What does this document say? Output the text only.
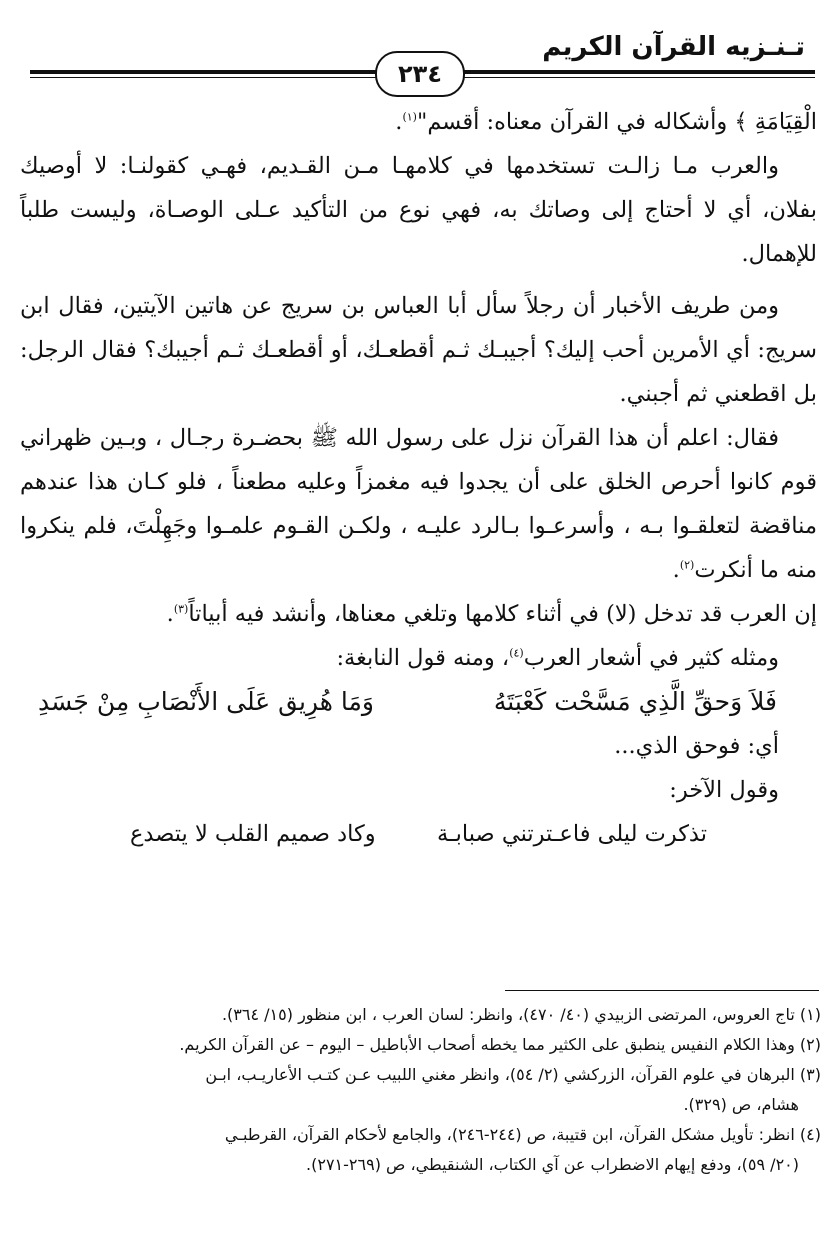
تـنـزيه القرآن الكريم
٢٣٤

الْقِيَامَةِ ﴾ وأشكاله في القرآن معناه: أقسم"$^{(١)}$.

والعرب مـا زالـت تستخدمها في كلامهـا مـن القـديم، فهـي كقولنـا: لا أوصيك بفلان، أي لا أحتاج إلى وصاتك به، فهي نوع من التأكيد عـلى الوصـاة، وليست طلباً للإهمال.

ومن طريف الأخبار أن رجلاً سأل أبا العباس بن سريج عن هاتين الآيتين، فقال ابن سريج: أي الأمرين أحب إليك؟ أجيبـك ثـم أقطعـك، أو أقطعـك ثـم أجيبك؟ فقال الرجل: بل اقطعني ثم أجبني.

فقال: اعلم أن هذا القرآن نزل على رسول الله ﷺ بحضـرة رجـال ، وبـين ظهراني قوم كانوا أحرص الخلق على أن يجدوا فيه مغمزاً وعليه مطعناً ، فلو كـان هذا عندهم مناقضة لتعلقـوا بـه ، وأسرعـوا بـالرد عليـه ، ولكـن القـوم علمـوا وجَهِلْتَ، فلم ينكروا منه ما أنكرت$^{(٢)}$.

إن العرب قد تدخل (لا) في أثناء كلامها وتلغي معناها، وأنشد فيه أبياتاً$^{(٣)}$.

ومثله كثير في أشعار العرب$^{(٤)}$، ومنه قول النابغة:

فَلاَ وَحقِّ الَّذِي مَسَّحْت كَعْبَتَهُ
وَمَا هُرِيق عَلَى الأَنْصَابِ مِنْ جَسَدِ

أي: فوحق الذي...

وقول الآخر:

تذكرت ليلى فاعـترتني صبابـة
وكاد صميم القلب لا يتصدع

(١) تاج العروس، المرتضى الزبيدي (٤٠/ ٤٧٠)، وانظر: لسان العرب ، ابن منظور (١٥/ ٣٦٤).

(٢) وهذا الكلام النفيس ينطبق على الكثير مما يخطه أصحاب الأباطيل – اليوم – عن القرآن الكريم.

(٣) البرهان في علوم القرآن، الزركشي (٢/ ٥٤)، وانظر مغني اللبيب عـن كتـب الأعاريـب، ابـن

هشام، ص (٣٢٩).

(٤) انظر: تأويل مشكل القرآن، ابن قتيبة، ص (٢٤٤-٢٤٦)، والجامع لأحكام القرآن، القرطبـي

(٢٠/ ٥٩)، ودفع إيهام الاضطراب عن آي الكتاب، الشنقيطي، ص (٢٦٩-٢٧١).
